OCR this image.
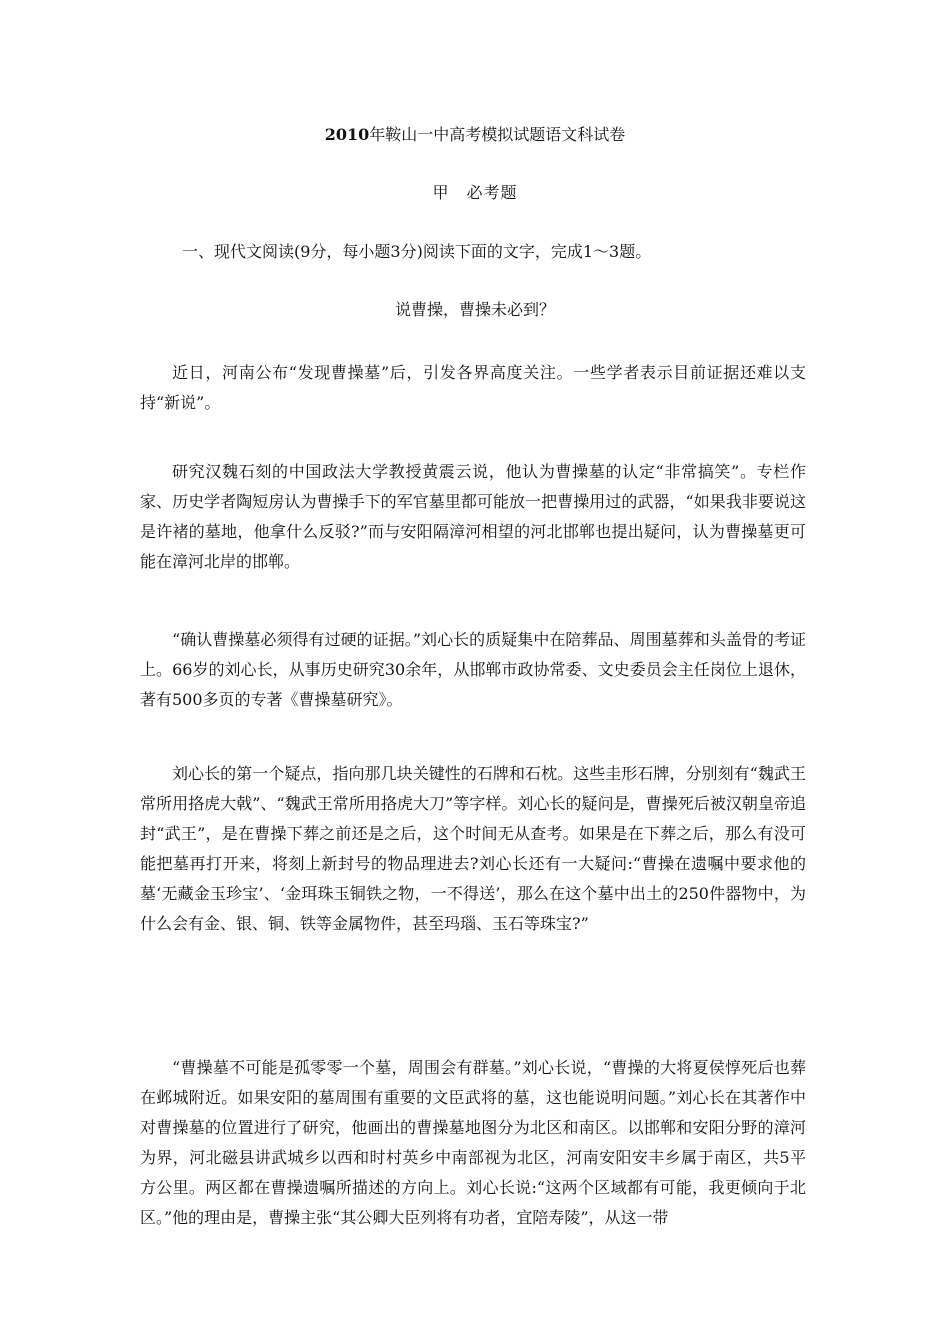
2010年鞍山一中高考模拟试题语文科试卷
甲　必考题
一、现代文阅读(9分，每小题3分)阅读下面的文字，完成1～3题。
说曹操，曹操未必到？

近日，河南公布“发现曹操墓”后，引发各界高度关注。一些学者表示目前证据还难以支持“新说”。

研究汉魏石刻的中国政法大学教授黄震云说，他认为曹操墓的认定“非常搞笑”。专栏作家、历史学者陶短房认为曹操手下的军官墓里都可能放一把曹操用过的武器，“如果我非要说这是许褚的墓地，他拿什么反驳?”而与安阳隔漳河相望的河北邯郸也提出疑问，认为曹操墓更可能在漳河北岸的邯郸。

“确认曹操墓必须得有过硬的证据。”刘心长的质疑集中在陪葬品、周围墓葬和头盖骨的考证上。66岁的刘心长，从事历史研究30余年，从邯郸市政协常委、文史委员会主任岗位上退休，著有500多页的专著《曹操墓研究》。

刘心长的第一个疑点，指向那几块关键性的石牌和石枕。这些圭形石牌，分别刻有“魏武王常所用挌虎大戟”、“魏武王常所用挌虎大刀”等字样。刘心长的疑问是，曹操死后被汉朝皇帝追封“武王”，是在曹操下葬之前还是之后，这个时间无从查考。如果是在下葬之后，那么有没可能把墓再打开来，将刻上新封号的物品理进去?刘心长还有一大疑问:“曹操在遗嘱中要求他的墓‘无藏金玉珍宝’、‘金珥珠玉铜铁之物，一不得送’，那么在这个墓中出土的250件器物中，为什么会有金、银、铜、铁等金属物件，甚至玛瑙、玉石等珠宝?”

“曹操墓不可能是孤零零一个墓，周围会有群墓。”刘心长说，“曹操的大将夏侯惇死后也葬在邺城附近。如果安阳的墓周围有重要的文臣武将的墓，这也能说明问题。”刘心长在其著作中对曹操墓的位置进行了研究，他画出的曹操墓地图分为北区和南区。以邯郸和安阳分野的漳河为界，河北磁县讲武城乡以西和时村英乡中南部视为北区，河南安阳安丰乡属于南区，共5平方公里。两区都在曹操遗嘱所描述的方向上。刘心长说:“这两个区域都有可能，我更倾向于北区。”他的理由是，曹操主张“其公卿大臣列将有功者，宜陪寿陵”，从这一带
